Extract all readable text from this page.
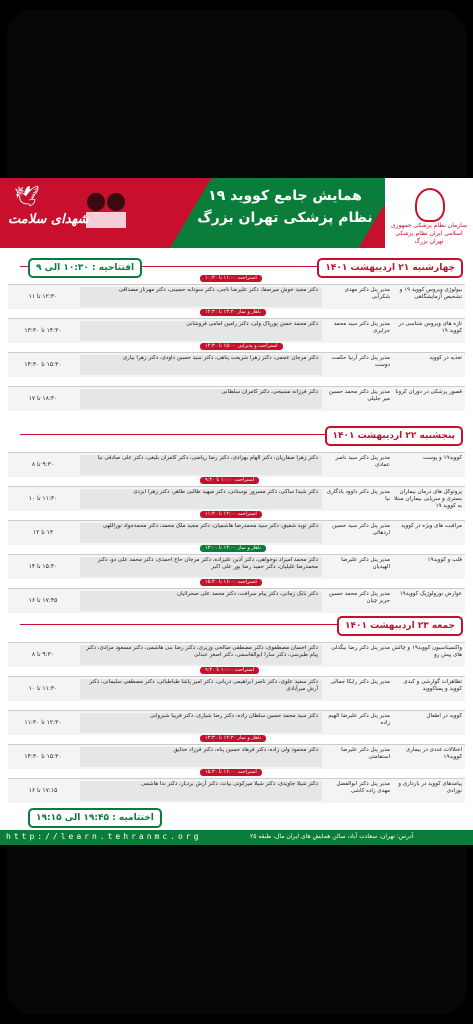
همایش جامع کووید ۱۹
نظام پزشکی تهران بزرگ
🕊
شهدای سلامت	سازمان نظام پزشکی جمهوری اسلامی ایران نظام پزشکی تهران بزرگ
چهارشنبه ۲۱ اردیبهشت ۱۴۰۱
افتتاحیه : ۱۰:۳۰ الی ۹
استراحت ۱۱:۰۰ تا ۱۰:۳۰
بیولوژی ویروس کووید ۱۹ و تشخیص آزمایشگاهی
مدیر پنل دکتر مهدی شکرآبی
دکتر مجید خوش میرصفا، دکتر علیرضا ناجی، دکتر سودابه حسینی، دکتر مهرناز مصداقی
۱۲:۳۰ تا ۱۱
ناهار و نماز ۱۳:۳۰ تا ۱۲:۳۰
تازه های ویروس شناسی در کووید ۱۹
مدیر پنل دکتر سید محمد جزایری
دکتر محمد حسن پورپاک ولی، دکتر رامین امامی فروشانی
۱۴:۳۰ تا ۱۳:۳۰
استراحت و پذیرایی ۱۵:۰۰ تا ۱۴:۳۰
تغذیه در کووید
مدیر پنل دکتر آرتیا حکمت دوست
دکتر مرجان عجمی، دکتر زهرا شریعت پناهی، دکتر سید حسین داودی، دکتر زهرا بیاری
۱۵:۳۰ تا ۱۴:۳۰
قصور پزشکی در دوران کرونا
مدیر پنل دکتر محمد حسین میر جلیلی
دکتر فرزانه مسیحی، دکتر کامران سلطانی
۱۸:۳۰ تا ۱۷
پنجشنبه ۲۲ اردیبهشت ۱۴۰۱
کووید۱۹ و پوست
مدیر پنل دکتر سید ناصر عمادی
دکتر زهرا صفاریان، دکتر الهام بهزادی، دکتر رضا ریاضی، دکتر کامران بلیغی، دکتر علی صادقی نیا
۹:۳۰ تا ۸
استراحت ۱۰:۰۰ تا ۹:۳۰
پروتوکل های درمان بیماران بستری و سرپایی بیماران مبتلا به کووید ۱۹
مدیر پنل دکتر داوود یادگاری نیا
دکتر شیدا ساکی، دکتر مسرور بوستانی، دکتر میهید طالبی طاهر، دکتر زهرا ایزدی
۱۱:۳۰ تا ۱۰
استراحت ۱۲:۰۰ تا ۱۱:۳۰
مراقبت های ویژه در کووید
مدیر پنل دکتر سید حسین اردهالی
دکتر نوید شفیق، دکتر سید محمدرضا هاشمیان، دکتر مجید ملک محمد، دکتر محمدجواد نوراللهی
۱۳ تا ۱۲
ناهار و نماز ۱۴:۰۰ تا ۱۳:۰۰
قلب و کووید۱۹
مدیر پنل دکتر علیرضا الهیدیان
دکتر محمد امیراد نوخواهی، دکتر آذین علیزاده، دکتر مرجان حاج احمدی، دکتر محمد علی دو، دکتر محمدرضا غلیلیان، دکتر حمید رضا پور علی اکبر
۱۵:۳۰ تا ۱۴
استراحت ۱۶:۰۰ تا ۱۵:۳۰
عوارض نورولوژیک کووید۱۹
مدیر پنل دکتر محمد حسین حریر چیان
دکتر بابک زمانی، دکتر پیام سرافت، دکتر محمد علی صحرائیان
۱۷:۴۵ تا ۱۶
جمعه ۲۳ اردیبهشت ۱۴۰۱
واکسیناسیون کووید۱۹ و چالش های پیش رو
مدیر پنل دکتر رضا بیگدلی
دکتر احسان مصطفوی، دکتر مصطفی صالحی وزیری، دکتر رضا بنی هاشمی، دکتر مسعود مرادی، دکتر پیام طبرسی، دکتر سارا ابوالقاسمی، دکتر اصغر عبدلی
۹:۳۰ تا ۸
استراحت ۱۰:۰۰ تا ۹:۳۰
تظاهرات گوارشی و کبدی کووید و پساکووید
مدیر پنل دکتر رایکا جمالی
دکتر سعید علوی، دکتر ناصر ابراهیمی دریانی، دکتر امیر پاشا طباطبائی، دکتر مصطفی سلیمانی، دکتر آرش میرآبادی
۱۱:۳۰ تا ۱۰
کووید در اطفال
مدیر پنل دکتر علیرضا الهیم زاده
دکتر سید محمد حسین سلطان زاده، دکتر رضا شیاری، دکتر فریبا شیروانی
۱۲:۳۰ تا ۱۱:۳۰
ناهار و نماز ۱۴:۳۰ تا ۱۳:۳۰
اختلالات غددی در بیماری کووید۱۹
مدیر پنل دکتر علیرضا استقامتی
دکتر محمود ولی زاده، دکتر فرهاد حسین پناه، دکتر فرزاد حدایق
۱۵:۳۰ تا ۱۴:۳۰
استراحت ۱۶:۰۰ تا ۱۵:۳۰
پیامدهای کووید در بارداری و نوزادی
مدیر پنل دکتر ابوالفضل مهدی زاده کاشی
دکتر شیلا جاویدی، دکتر شیلا میرکوتی بیات، دکتر آرش بردبار، دکتر ندا هاشمی
۱۷:۱۵ تا ۱۶
اختتامیه : ۱۹:۴۵ الی ۱۹:۱۵
http://learn.tehranmc.org	آدرس: تهران، سعادت آباد، سالن همایش های ایران مال، طبقه ۲۵
